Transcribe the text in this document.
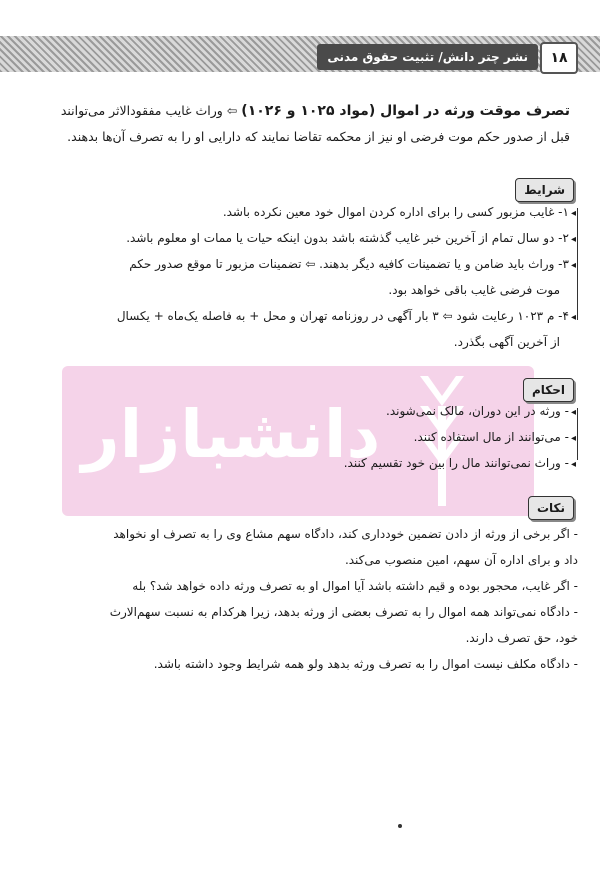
نشر چتر دانش/ تثبیت حقوق مدنی	۱۸
تصرف موقت ورثه در اموال (مواد ۱۰۲۵ و ۱۰۲۶) ⇦ وراث غایب مفقودالاثر می‌توانند
قبل از صدور حکم موت فرضی او نیز از محکمه تقاضا نمایند که دارایی او را به تصرف آن‌ها بدهند.
شرایط
◂۱- غایب مزبور کسی را برای اداره کردن اموال خود معین نکرده باشد.
◂۲- دو سال تمام از آخرین خبر غایب گذشته باشد بدون اینکه حیات یا ممات او معلوم باشد.
◂۳- وراث باید ضامن و یا تضمینات کافیه دیگر بدهند. ⇦ تضمینات مزبور تا موقع صدور حکم
موت فرضی غایب باقی خواهد بود.
◂۴- م ۱۰۲۳ رعایت شود ⇦ ۳ بار آگهی در روزنامه تهران و محل + به فاصله یک‌ماه + یکسال
از آخرین آگهی بگذرد.
دانشبازار
احکام
◂- ورثه در این دوران، مالک نمی‌شوند.
◂- می‌توانند از مال استفاده کنند.
◂- وراث نمی‌توانند مال را بین خود تقسیم کنند.
نکات
- اگر برخی از ورثه از دادن تضمین خودداری کند، دادگاه سهم مشاع وی را به تصرف او نخواهد
داد و برای اداره آن سهم، امین منصوب می‌کند.
- اگر غایب، محجور بوده و قیم داشته باشد آیا اموال او به تصرف ورثه داده خواهد شد؟ بله
- دادگاه نمی‌تواند همه اموال را به تصرف بعضی از ورثه بدهد، زیرا هرکدام به نسبت سهم‌الارث
خود، حق تصرف دارند.
- دادگاه مکلف نیست اموال را به تصرف ورثه بدهد ولو همه شرایط وجود داشته باشد.
